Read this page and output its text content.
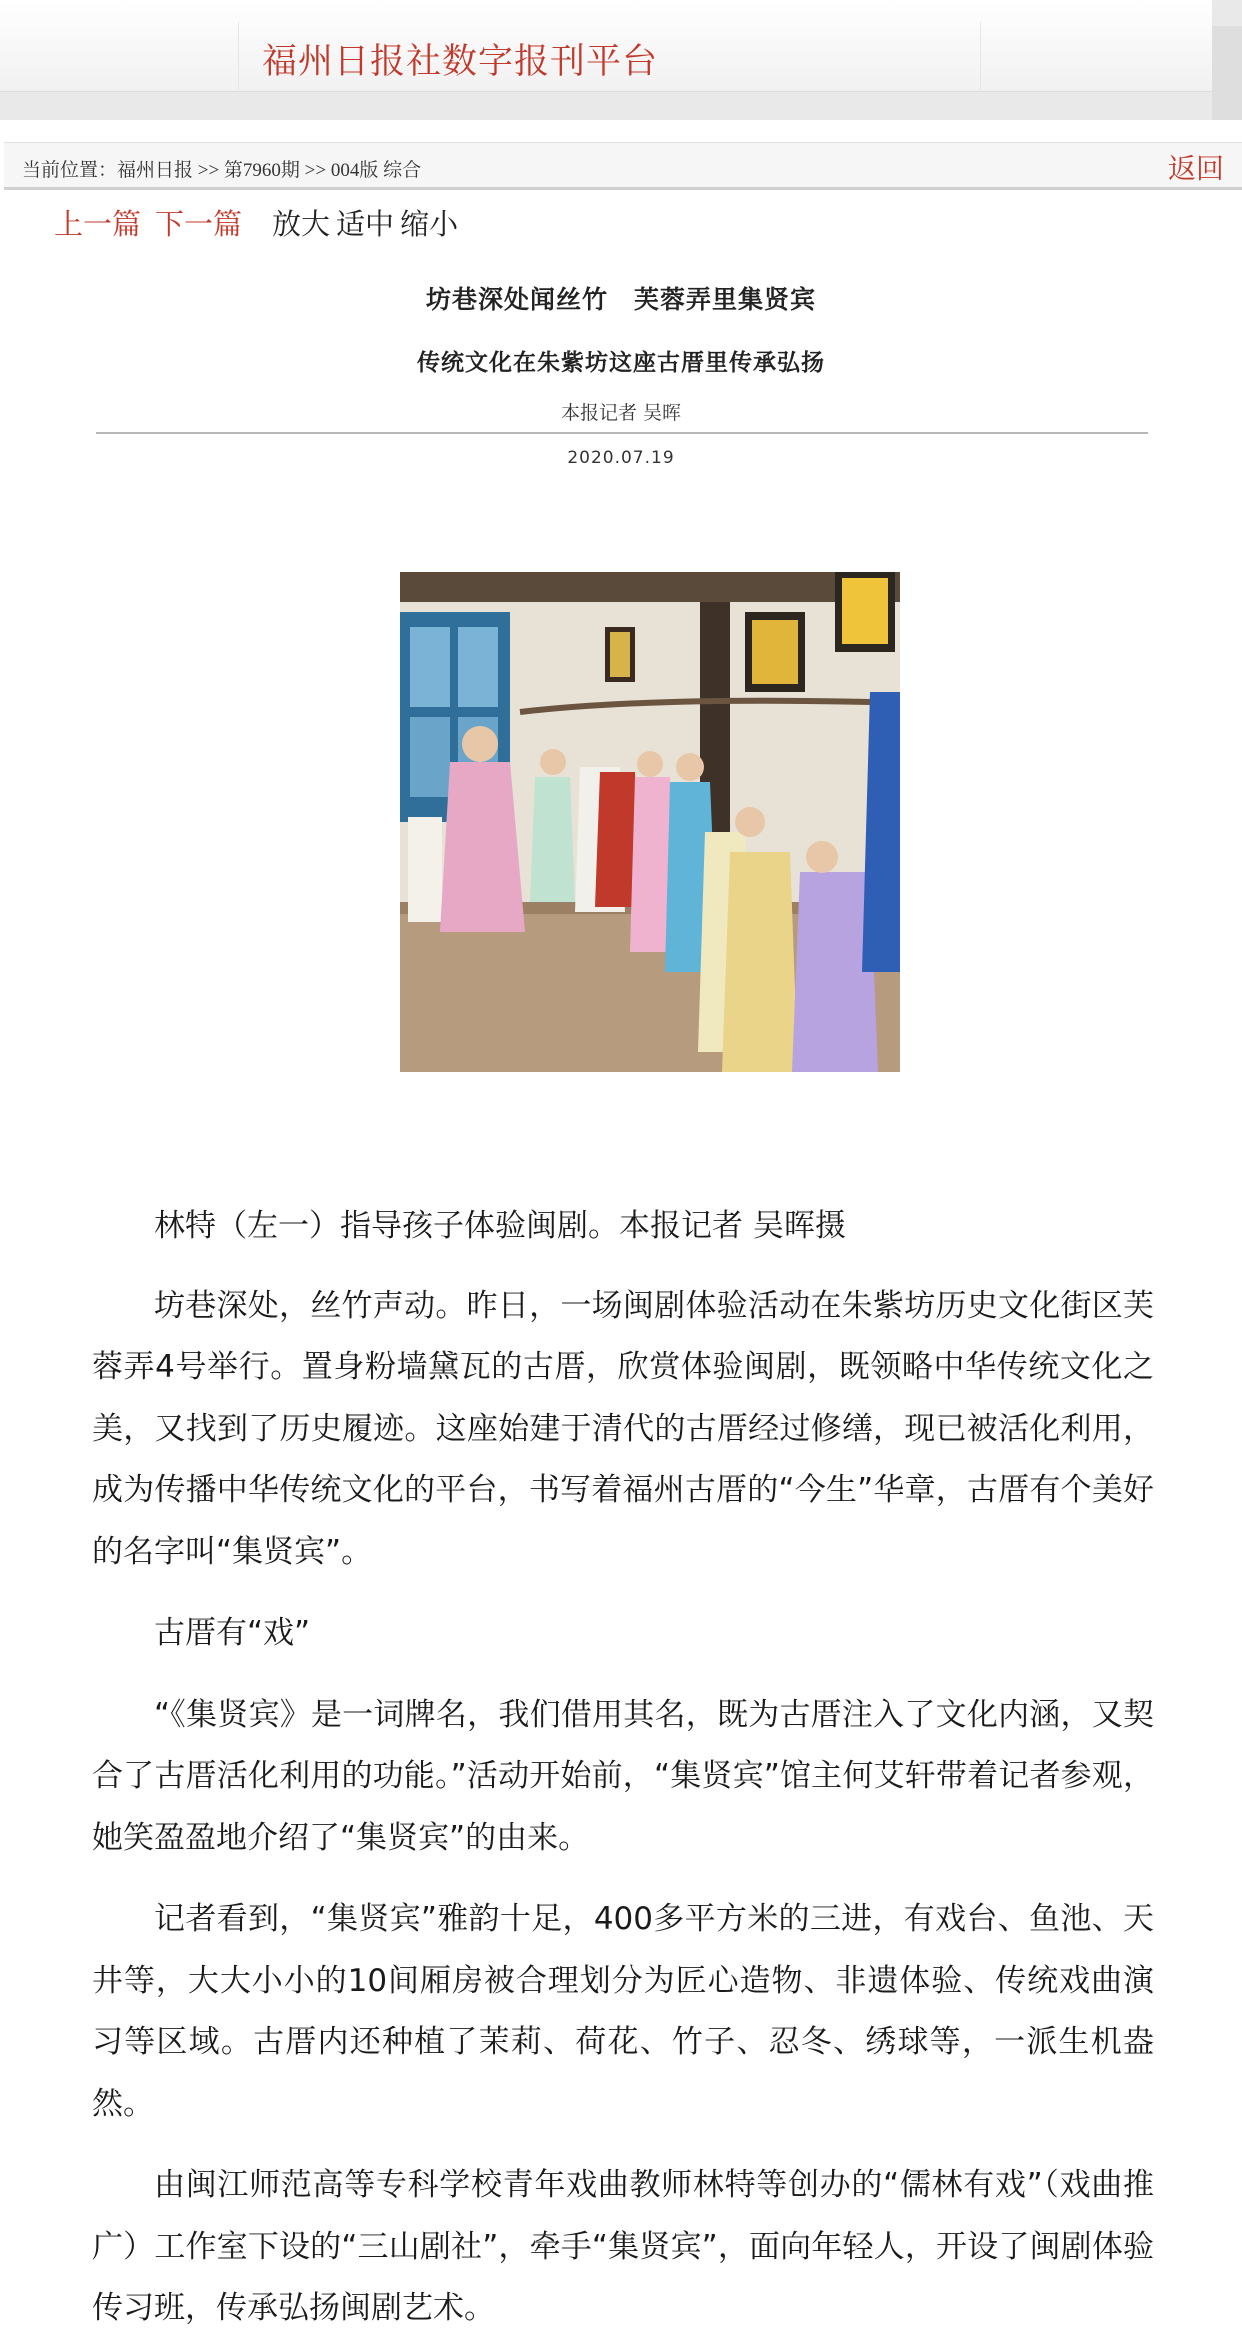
福州日报社数字报刊平台
当前位置：福州日报 >> 第7960期 >> 004版 综合	返回
上一篇 下一篇 放大 适中 缩小
坊巷深处闻丝竹　芙蓉弄里集贤宾
传统文化在朱紫坊这座古厝里传承弘扬
本报记者 吴晖
2020.07.19

林特（左一）指导孩子体验闽剧。本报记者 吴晖摄

坊巷深处，丝竹声动。昨日，一场闽剧体验活动在朱紫坊历史文化街区芙蓉弄4号举行。置身粉墙黛瓦的古厝，欣赏体验闽剧，既领略中华传统文化之美，又找到了历史履迹。这座始建于清代的古厝经过修缮，现已被活化利用，成为传播中华传统文化的平台，书写着福州古厝的“今生”华章，古厝有个美好的名字叫“集贤宾”。

古厝有“戏”

“《集贤宾》是一词牌名，我们借用其名，既为古厝注入了文化内涵，又契合了古厝活化利用的功能。”活动开始前，“集贤宾”馆主何艾轩带着记者参观，她笑盈盈地介绍了“集贤宾”的由来。

记者看到，“集贤宾”雅韵十足，400多平方米的三进，有戏台、鱼池、天井等，大大小小的10间厢房被合理划分为匠心造物、非遗体验、传统戏曲演习等区域。古厝内还种植了茉莉、荷花、竹子、忍冬、绣球等，一派生机盎然。

由闽江师范高等专科学校青年戏曲教师林特等创办的“儒林有戏”（戏曲推广）工作室下设的“三山剧社”，牵手“集贤宾”，面向年轻人，开设了闽剧体验传习班，传承弘扬闽剧艺术。
